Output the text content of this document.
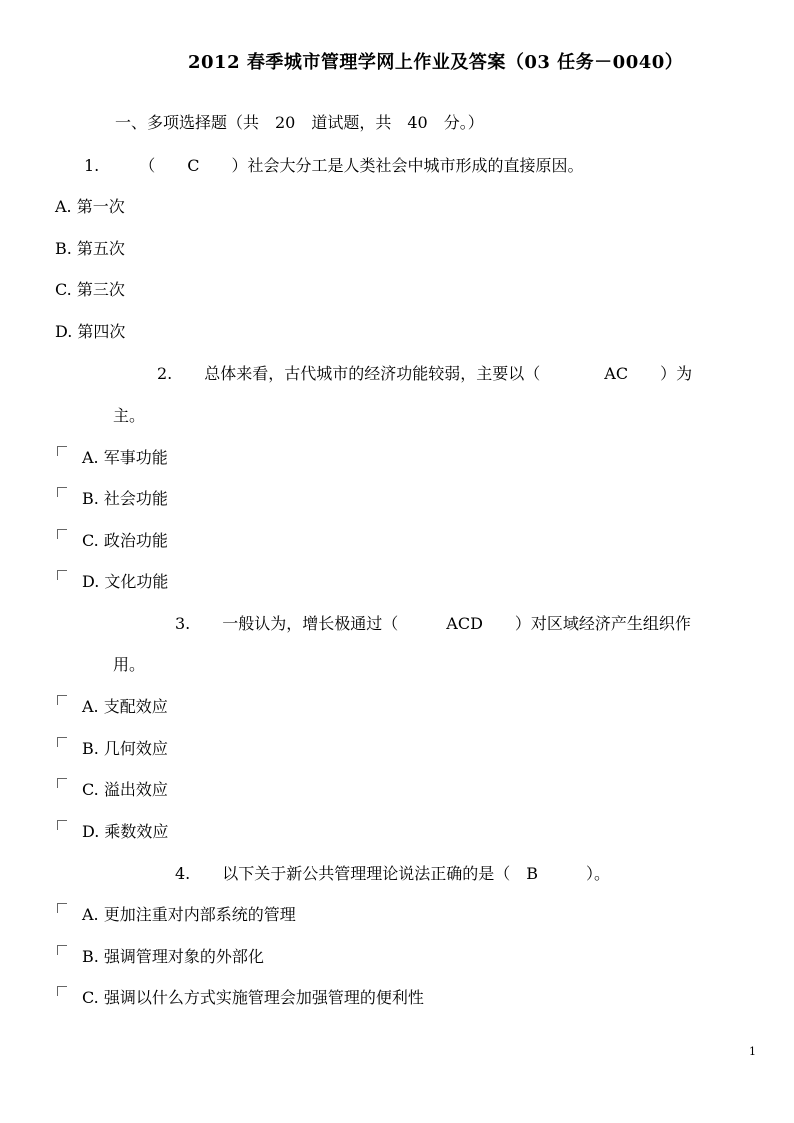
2012 春季城市管理学网上作业及答案（03 任务－0040）
一、多项选择题（共　20　道试题，共　40　分。）
1.　　　（　　C　　）社会大分工是人类社会中城市形成的直接原因。
A. 第一次
B. 第五次
C. 第三次
D. 第四次
2.　　总体来看，古代城市的经济功能较弱，主要以（　　　　AC　　）为
主。
A. 军事功能
B. 社会功能
C. 政治功能
D. 文化功能
3.　　一般认为，增长极通过（　　　ACD　　）对区域经济产生组织作
用。
A. 支配效应
B. 几何效应
C. 溢出效应
D. 乘数效应
4.　　以下关于新公共管理理论说法正确的是（　B　　　）。
A. 更加注重对内部系统的管理
B. 强调管理对象的外部化
C. 强调以什么方式实施管理会加强管理的便利性
1
